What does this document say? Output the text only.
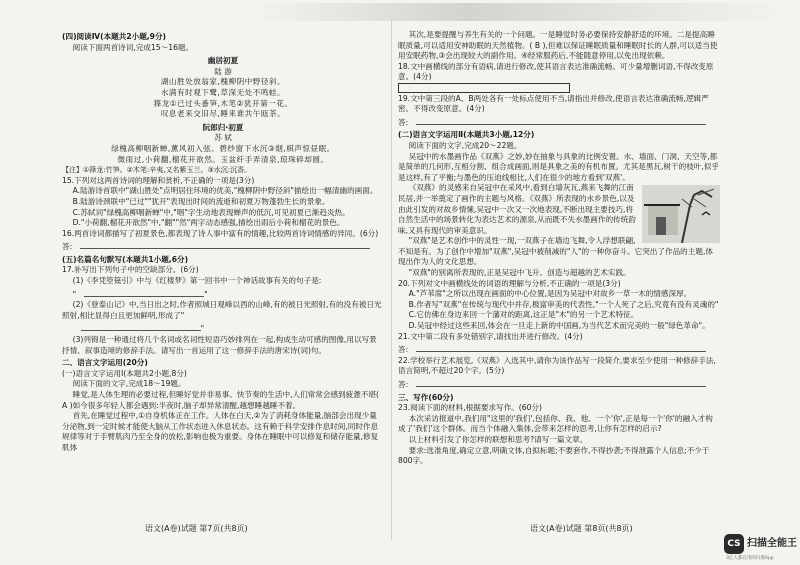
(四)阅读Ⅳ(本题共2小题,9分)

阅读下面两首诗词,完成15～16题。

幽居初夏

陆 游

湖山胜处放翁家,槐柳阴中野径斜。

水满有时观下鹭,草深无处不鸣蛙。

箨龙①已过头番笋,木笔②犹开第一花。

叹息老来交旧尽,睡来谁共午瓯茶。

阮郎归·初夏

苏 轼

绿槐高柳咽新蝉,薰风初入弦。碧纱窗下水沉③烟,棋声惊昼眠。

微雨过,小荷翻,榴花开欲然。玉盆纤手弄清泉,琼珠碎却圆。

【注】①箨龙:竹笋。②木笔:辛夷,又名紫玉兰。③水沉:沉香。

15.下列对这两首诗词的理解和赏析,不正确的一项是(3分)

A.陆游诗首联中"湖山胜处"点明居住环境的优美,"槐柳阴中野径斜"描绘出一幅清幽的画面。

B.陆游诗颈联中"已过""犹开"表现出时间的流逝和初夏万物蓬勃生长的景象。

C.苏轼词"绿槐高柳咽新蝉"中,"咽"字生动地表现蝉声的低沉,可见初夏已渐趋炎热。

D."小荷翻,榴花开欲然"中,"翻""然"两字动态感强,描绘出雨后小荷和榴花的景色。

16.两首诗词都描写了初夏景色,都表现了诗人事中富有的情趣,比较两首诗词情感的异同。(6分)

答:

(五)名篇名句默写(本题共1小题,6分)

17.补写出下列句子中的空缺部分。(6分)

(1)《李凭箜篌引》中与《红楼梦》第一回书中一个神话故事有关的句子是:

"	"

(2)《登泰山记》中,当日出之时,作者照城日观峰以西的山峰,有的被日光照射,有的没有被日光照射,相比显得白且更加鲜明,形成了"

"

(3)列锦是一种通过将几个名词或名词性短语巧妙排列在一起,构成生动可感的图像,用以写景抒情、叙事造境的修辞手法。请写出一首运用了这一修辞手法的唐宋诗(词)句。

二、语言文字运用(20分)

(一)语言文字运用Ⅰ(本题共2小题,8分)

阅读下面的文字,完成18～19题。

睡觉,是人体生理的必要过程,但睡好觉并非易事。快节奏的生活中,人们常常会感到疲惫不堪( A )如今很多年轻人都会遇到:半夜时,脑子却异常清醒,越想睡越睡不着。

首先,在睡觉过程中,①自身机体正在工作。人体在白天,②为了消耗身体能量,脑部会出现少量分泌物,到一定时候才能使大脑从工作状态进入休息状态。这有赖于科学安排作息时间,同时作息规律等对于手臂肌肉乃至全身的放松,影响也极为重要。身体在睡眠中可以修复和储存能量,修复肌体

语文(A卷)试题 第7页(共8页)

其次,是要提醒与养生有关的一个问题。一是睡觉时务必要保持安静舒适的环境。二是提高睡眠质量,可以适用安神助眠的天然植物。( B ),但难以保证睡眠质量和睡眠时长的人群,可以适当使用安眠药物,③会出现较大的副作用。④经常服药后,不能随意停用,以免出现依赖。

18.文中画横线的部分有语病,请进行修改,使其语言表达准确流畅。可少量增删词语,不得改变原意。(4分)

19.文中第三段的A、B两处各有一处标点使用不当,请指出并修改,使语言表达准确流畅,逻辑严密。不得改变原意。(4分)

答:

(二)语言文字运用Ⅱ(本题共3小题,12分)

阅读下面的文字,完成20～22题。

吴冠中的水墨画作品《双燕》之妙,妙在抽象与具象的比例安置。水、墙面、门洞、天空等,都是简单的几何形,互相分割、组合成画面,则是具象之美的有机布置。尤其是黑瓦,树干的枝叶,似乎是这样,有了平衡;与墨色的压迫线相比,人们在很少的地方看到'双燕'。

《双燕》的灵感来自吴冠中在采风中,看到白墙灰瓦,燕来飞舞的江南民居,并一举奠定了画作的主题与风格。《双燕》所表现的水乡景色,以及由此引发的对故乡情愫,吴冠中一次又一次地表现,不断出现主要技巧,将自然生活中的场景转化为表达艺术的源泉,从而既不失水墨画作的传统韵味,又具有现代的审美意识。

"双燕"是艺术创作中的灵性一现,一双燕子在墙边飞舞,令人浮想联翩,不知是有。为了创作中增加"双燕",吴冠中被削减的"人"的一种你奋斗。它突出了作品的主题,体现出作为人的文化思想。

"双燕"的别离所表现的,正是吴冠中飞升、创造与超越的艺术实践。

20.下列对文中画横线处的词语的理解与分析,不正确的一项是(3分)

A."芦苇席"之所以出现在画面的中心位置,是因为吴冠中对故乡一草一木的情感深厚。

B.作者写"双燕"在传统与现代中并存,极富审美的代表性,"一个人死了之后,究竟有没有灵魂的"

C.它仿佛在身边来回一个藩对的距离,这正是"木"的另一个艺术特征。

D.吴冠中经过这些来回,体会在一旦走上新的中国画,为当代艺术而完美的一般"绿色革命"。

21.文中第二段有多处错别字,请找出并进行修改。(4分)

答:

22.学校举行艺术展览,《双燕》入选其中,请你为该作品写一段简介,要求至少使用一种修辞手法,语言简明,不超过20个字。(5分)

答:

三、写作(60分)

23.阅读下面的材料,根据要求写作。(60分)

本次采访报道中,我们用"这里的'我们',包括你、我、他、一个'你',正是每一个'你'的融入才构成了'我们'这个群体。而当个体融入集体,会带来怎样的思考,让你有怎样的启示?

以上材料引发了你怎样的联想和思考?请写一篇文章。

要求:选准角度,确定立意,明确文体,自拟标题;不要套作,不得抄袭;不得泄露个人信息;不少于800字。

语文(A卷)试题 第8页(共8页)
CS 扫描全能王
3亿人都在用的扫描App
